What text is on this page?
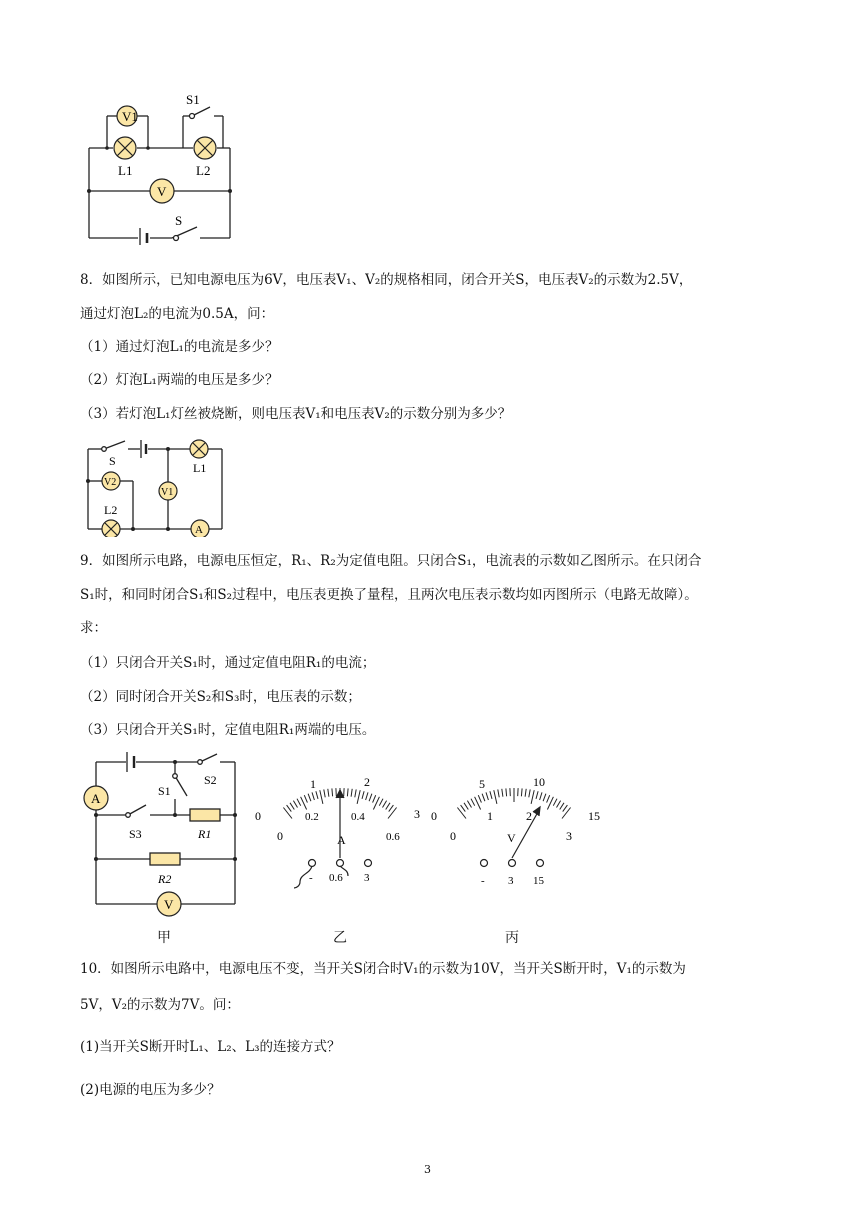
V1
V
S1
S
L1	L2
8．如图所示，已知电源电压为6V，电压表V₁、V₂的规格相同，闭合开关S，电压表V₂的示数为2.5V，
通过灯泡L₂的电流为0.5A，问：
（1）通过灯泡L₁的电流是多少？
（2）灯泡L₁两端的电压是多少？
（3）若灯泡L₁灯丝被烧断，则电压表V₁和电压表V₂的示数分别为多少？
S	L1
L2
V2
V1
A
9．如图所示电路，电源电压恒定，R₁、R₂为定值电阻。只闭合S₁，电流表的示数如乙图所示。在只闭合
S₁时，和同时闭合S₁和S₂过程中，电压表更换了量程，且两次电压表示数均如丙图所示（电路无故障）。
求：
（1）只闭合开关S₁时，通过定值电阻R₁的电流；
（2）同时闭合开关S₂和S₃时，电压表的示数；
（3）只闭合开关S₁时，定值电阻R₁两端的电压。
A
V
S1
S2
S3	R1
R2
1	2
3
0
0
0.2	0.4
0.6
A
- 0.6 3
5	10
15
0
0
1	2
3
V
- 3 15
甲	乙	丙
10．如图所示电路中，电源电压不变，当开关S闭合时V₁的示数为10V，当开关S断开时，V₁的示数为
5V，V₂的示数为7V。问：
(1)当开关S断开时L₁、L₂、L₃的连接方式？
(2)电源的电压为多少？
3
